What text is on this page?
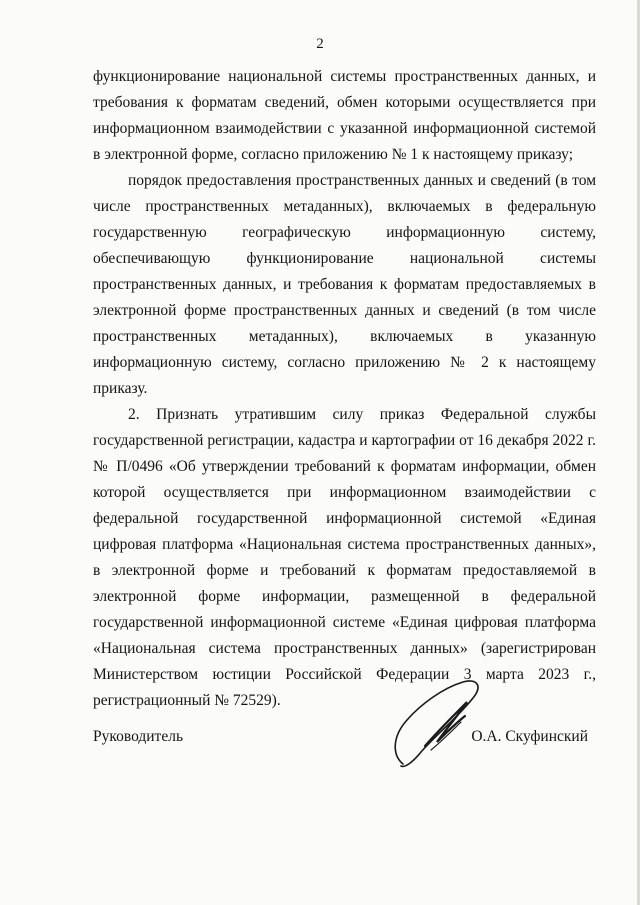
2

функционирование национальной системы пространственных данных, и требования к форматам сведений, обмен которыми осуществляется при информационном взаимодействии с указанной информационной системой в электронной форме, согласно приложению № 1 к настоящему приказу;

порядок предоставления пространственных данных и сведений (в том числе пространственных метаданных), включаемых в федеральную государственную географическую информационную систему, обеспечивающую функционирование национальной системы пространственных данных, и требования к форматам предоставляемых в электронной форме пространственных данных и сведений (в том числе пространственных метаданных), включаемых в указанную информационную систему, согласно приложению № 2 к настоящему приказу.

2. Признать утратившим силу приказ Федеральной службы государственной регистрации, кадастра и картографии от 16 декабря 2022 г. № П/0496 «Об утверждении требований к форматам информации, обмен которой осуществляется при информационном взаимодействии с федеральной государственной информационной системой «Единая цифровая платформа «Национальная система пространственных данных», в электронной форме и требований к форматам предоставляемой в электронной форме информации, размещенной в федеральной государственной информационной системе «Единая цифровая платформа «Национальная система пространственных данных» (зарегистрирован Министерством юстиции Российской Федерации 3 марта 2023 г., регистрационный № 72529).

Руководитель	О.А. Скуфинский
